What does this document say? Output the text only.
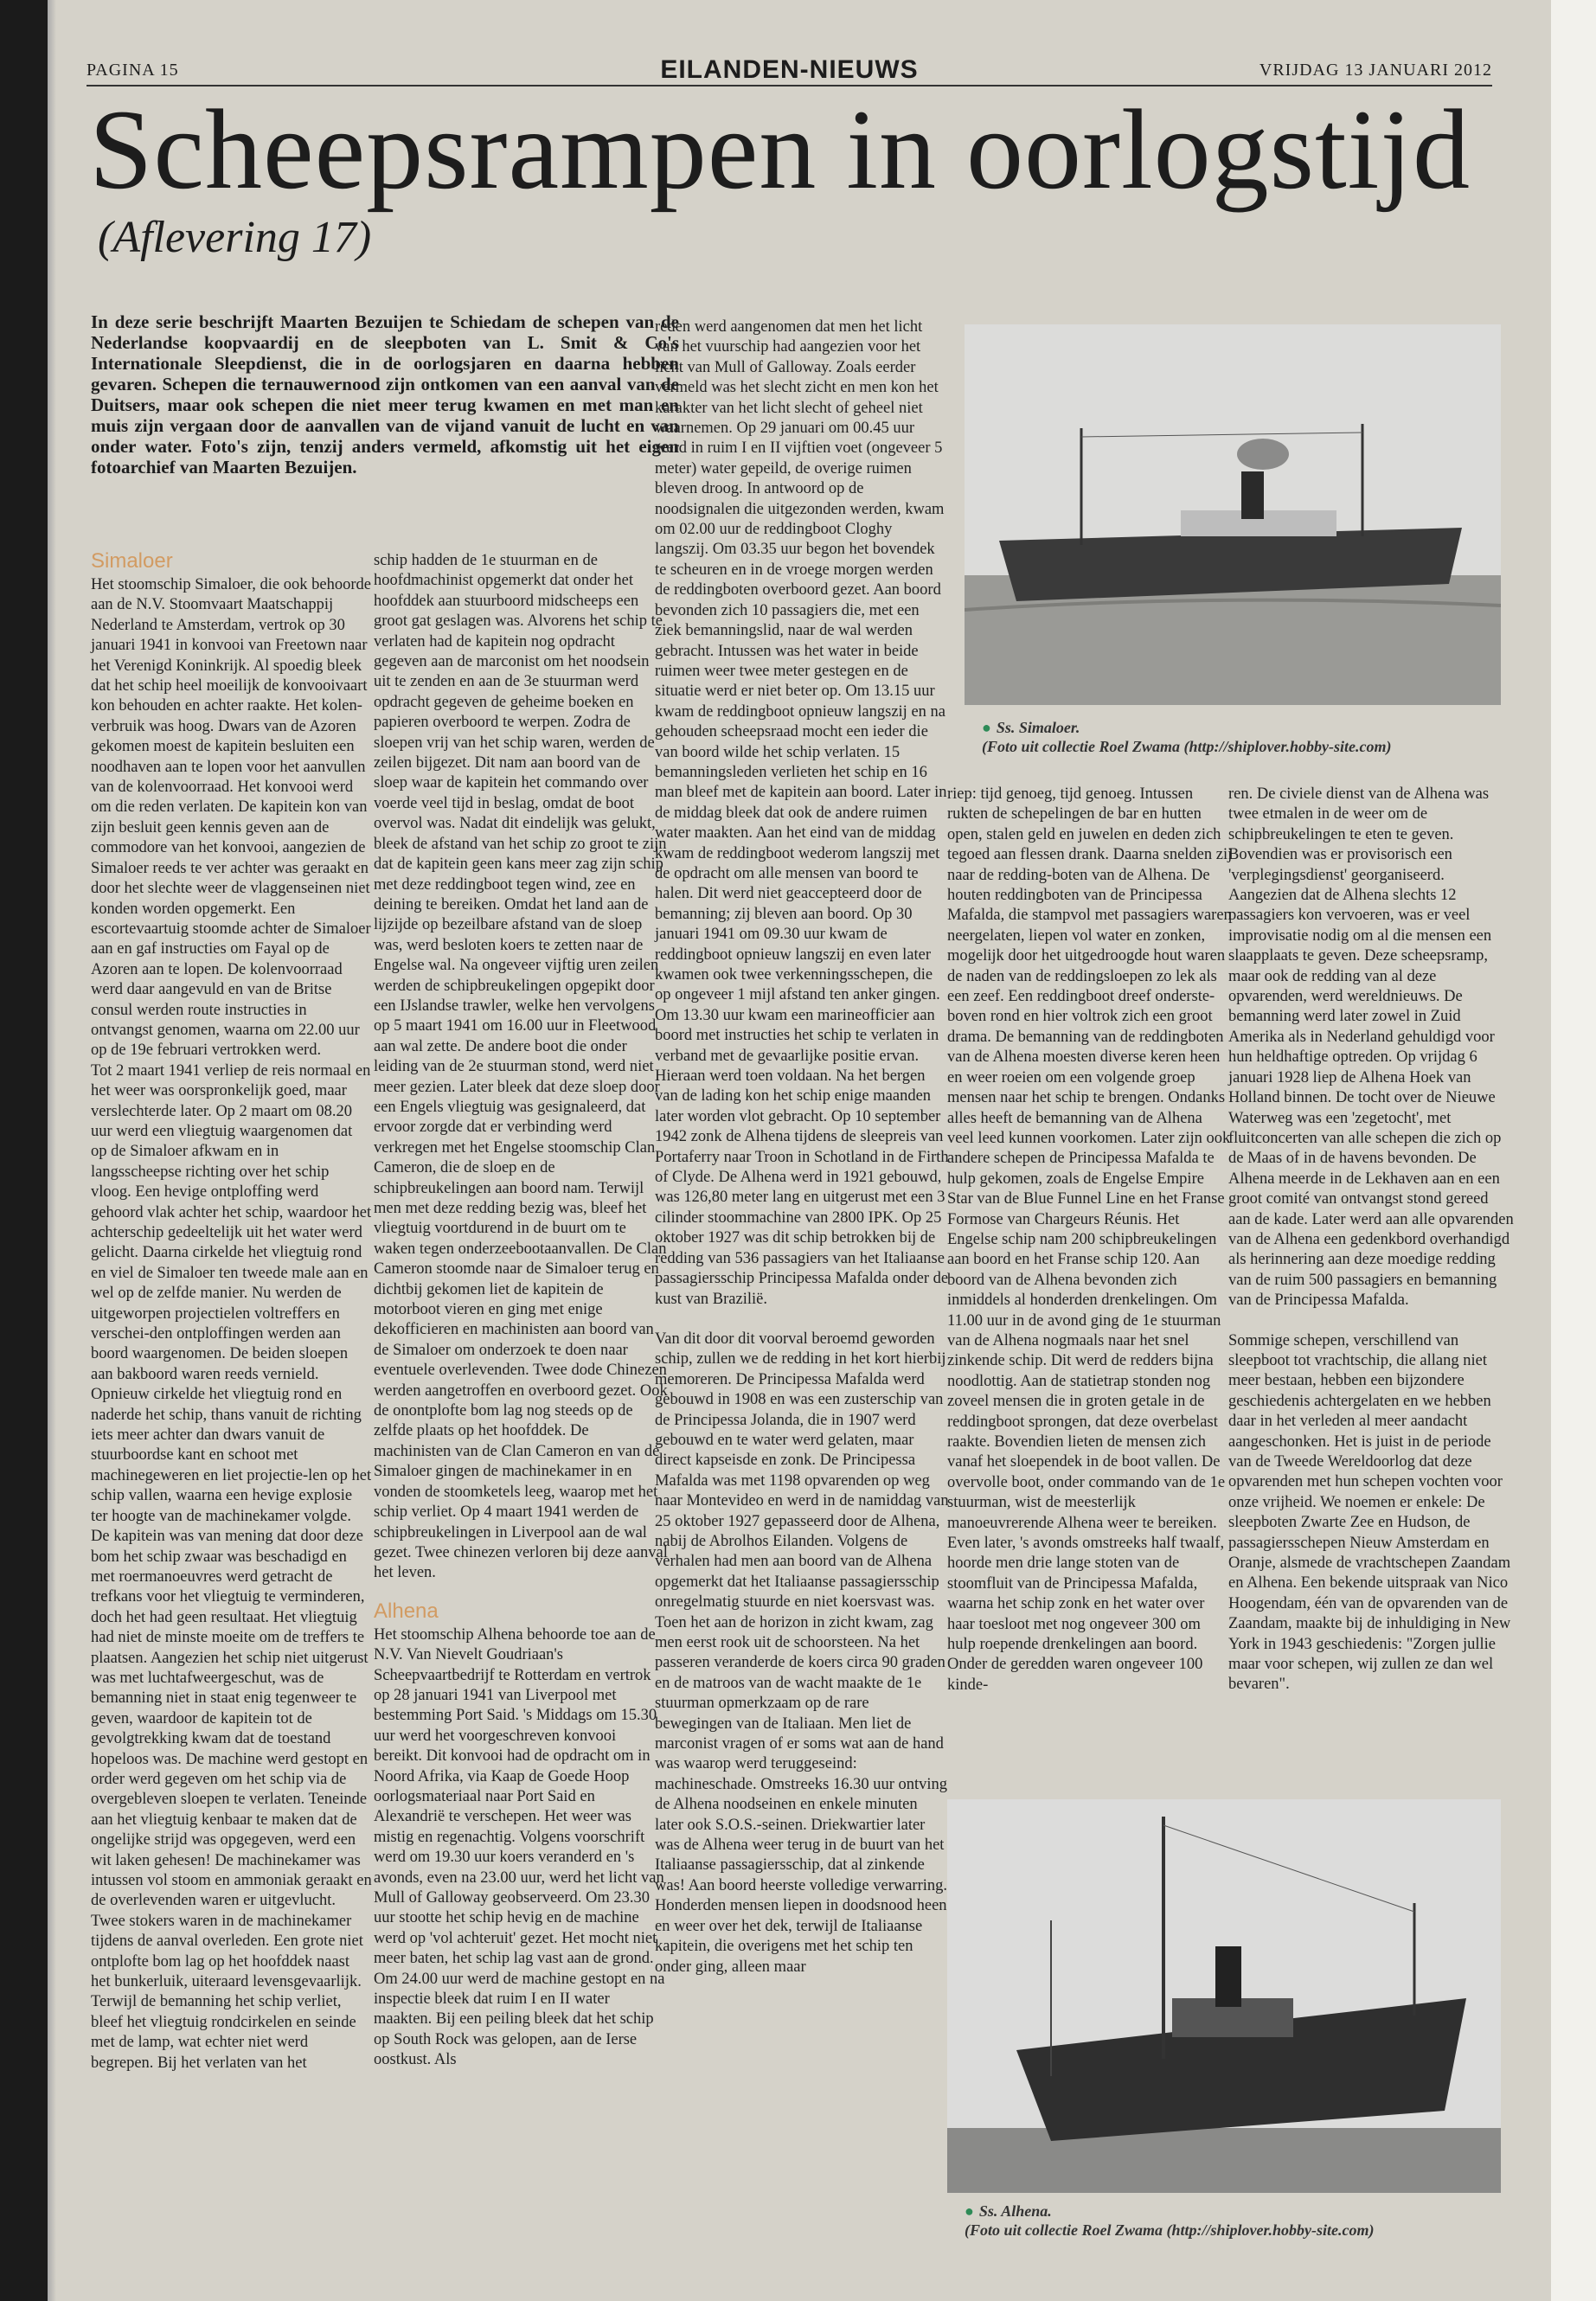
PAGINA 15	EILANDEN-NIEUWS	VRIJDAG 13 JANUARI 2012
Scheepsrampen in oorlogstijd
(Aflevering 17)
In deze serie beschrijft Maarten Bezuijen te Schiedam de schepen van de Nederlandse koopvaardij en de sleepboten van L. Smit & Co's Internationale Sleepdienst, die in de oorlogsjaren en daarna hebben gevaren. Schepen die ternauwernood zijn ontkomen van een aanval van de Duitsers, maar ook schepen die niet meer terug kwamen en met man en muis zijn vergaan door de aanvallen van de vijand vanuit de lucht en van onder water. Foto's zijn, tenzij anders vermeld, afkomstig uit het eigen fotoarchief van Maarten Bezuijen.
Simaloer

Het stoomschip Simaloer, die ook behoorde aan de N.V. Stoomvaart Maatschappij Nederland te Amsterdam, vertrok op 30 januari 1941 in konvooi van Freetown naar het Verenigd Koninkrijk. Al spoedig bleek dat het schip heel moeilijk de konvooivaart kon behouden en achter raakte. Het kolen- verbruik was hoog. Dwars van de Azoren gekomen moest de kapitein besluiten een noodhaven aan te lopen voor het aanvullen van de kolenvoorraad. Het konvooi werd om die reden verlaten. De kapitein kon van zijn besluit geen kennis geven aan de commodore van het konvooi, aangezien de Simaloer reeds te ver achter was geraakt en door het slechte weer de vlaggenseinen niet konden worden opgemerkt. Een escortevaartuig stoomde achter de Simaloer aan en gaf instructies om Fayal op de Azoren aan te lopen. De kolenvoorraad werd daar aangevuld en van de Britse consul werden route instructies in ontvangst genomen, waarna om 22.00 uur op de 19e februari vertrokken werd.

Tot 2 maart 1941 verliep de reis normaal en het weer was oorspronkelijk goed, maar verslechterde later. Op 2 maart om 08.20 uur werd een vliegtuig waargenomen dat op de Simaloer afkwam en in langsscheepse richting over het schip vloog. Een hevige ontploffing werd gehoord vlak achter het schip, waardoor het achterschip gedeeltelijk uit het water werd gelicht. Daarna cirkelde het vliegtuig rond en viel de Simaloer ten tweede male aan en wel op de zelfde manier. Nu werden de uitgeworpen projectielen voltreffers en verschei-den ontploffingen werden aan boord waargenomen. De beiden sloepen aan bakboord waren reeds vernield. Opnieuw cirkelde het vliegtuig rond en naderde het schip, thans vanuit de richting iets meer achter dan dwars vanuit de stuurboordse kant en schoot met machinegeweren en liet projectie-len op het schip vallen, waarna een hevige explosie ter hoogte van de machinekamer volgde. De kapitein was van mening dat door deze bom het schip zwaar was beschadigd en met roermanoeuvres werd getracht de trefkans voor het vliegtuig te verminderen, doch het had geen resultaat. Het vliegtuig had niet de minste moeite om de treffers te plaatsen. Aangezien het schip niet uitgerust was met luchtafweergeschut, was de bemanning niet in staat enig tegenweer te geven, waardoor de kapitein tot de gevolgtrekking kwam dat de toestand hopeloos was. De machine werd gestopt en order werd gegeven om het schip via de overgebleven sloepen te verlaten. Teneinde aan het vliegtuig kenbaar te maken dat de ongelijke strijd was opgegeven, werd een wit laken gehesen! De machinekamer was intussen vol stoom en ammoniak geraakt en de overlevenden waren er uitgevlucht. Twee stokers waren in de machinekamer tijdens de aanval overleden. Een grote niet ontplofte bom lag op het hoofddek naast het bunkerluik, uiteraard levensgevaarlijk. Terwijl de bemanning het schip verliet, bleef het vliegtuig rondcirkelen en seinde met de lamp, wat echter niet werd begrepen. Bij het verlaten van het

schip hadden de 1e stuurman en de hoofdmachinist opgemerkt dat onder het hoofddek aan stuurboord midscheeps een groot gat geslagen was. Alvorens het schip te verlaten had de kapitein nog opdracht gegeven aan de marconist om het noodsein uit te zenden en aan de 3e stuurman werd opdracht gegeven de geheime boeken en papieren overboord te werpen. Zodra de sloepen vrij van het schip waren, werden de zeilen bijgezet. Dit nam aan boord van de sloep waar de kapitein het commando over voerde veel tijd in beslag, omdat de boot overvol was. Nadat dit eindelijk was gelukt, bleek de afstand van het schip zo groot te zijn dat de kapitein geen kans meer zag zijn schip met deze reddingboot tegen wind, zee en deining te bereiken. Omdat het land aan de lijzijde op bezeilbare afstand van de sloep was, werd besloten koers te zetten naar de Engelse wal. Na ongeveer vijftig uren zeilen werden de schipbreukelingen opgepikt door een IJslandse trawler, welke hen vervolgens op 5 maart 1941 om 16.00 uur in Fleetwood aan wal zette. De andere boot die onder leiding van de 2e stuurman stond, werd niet meer gezien. Later bleek dat deze sloep door een Engels vliegtuig was gesignaleerd, dat ervoor zorgde dat er verbinding werd verkregen met het Engelse stoomschip Clan Cameron, die de sloep en de schipbreukelingen aan boord nam. Terwijl men met deze redding bezig was, bleef het vliegtuig voortdurend in de buurt om te waken tegen onderzeebootaanvallen. De Clan Cameron stoomde naar de Simaloer terug en dichtbij gekomen liet de kapitein de motorboot vieren en ging met enige dekofficieren en machinisten aan boord van de Simaloer om onderzoek te doen naar eventuele overlevenden. Twee dode Chinezen werden aangetroffen en overboord gezet. Ook de onontplofte bom lag nog steeds op de zelfde plaats op het hoofddek. De machinisten van de Clan Cameron en van de Simaloer gingen de machinekamer in en vonden de stoomketels leeg, waarop met het schip verliet. Op 4 maart 1941 werden de schipbreukelingen in Liverpool aan de wal gezet. Twee chinezen verloren bij deze aanval het leven.

Alhena

Het stoomschip Alhena behoorde toe aan de N.V. Van Nievelt Goudriaan's Scheepvaartbedrijf te Rotterdam en vertrok op 28 januari 1941 van Liverpool met bestemming Port Said. 's Middags om 15.30 uur werd het voorgeschreven konvooi bereikt. Dit konvooi had de opdracht om in Noord Afrika, via Kaap de Goede Hoop oorlogsmateriaal naar Port Said en Alexandrië te verschepen. Het weer was mistig en regenachtig. Volgens voorschrift werd om 19.30 uur koers veranderd en 's avonds, even na 23.00 uur, werd het licht van Mull of Galloway geobserveerd. Om 23.30 uur stootte het schip hevig en de machine werd op 'vol achteruit' gezet. Het mocht niet meer baten, het schip lag vast aan de grond. Om 24.00 uur werd de machine gestopt en na inspectie bleek dat ruim I en II water maakten. Bij een peiling bleek dat het schip op South Rock was gelopen, aan de Ierse oostkust. Als

reden werd aangenomen dat men het licht van het vuurschip had aangezien voor het licht van Mull of Galloway. Zoals eerder vermeld was het slecht zicht en men kon het karakter van het licht slecht of geheel niet waarnemen. Op 29 januari om 00.45 uur werd in ruim I en II vijftien voet (ongeveer 5 meter) water gepeild, de overige ruimen bleven droog. In antwoord op de noodsignalen die uitgezonden werden, kwam om 02.00 uur de reddingboot Cloghy langszij. Om 03.35 uur begon het bovendek te scheuren en in de vroege morgen werden de reddingboten overboord gezet. Aan boord bevonden zich 10 passagiers die, met een ziek bemanningslid, naar de wal werden gebracht. Intussen was het water in beide ruimen weer twee meter gestegen en de situatie werd er niet beter op. Om 13.15 uur kwam de reddingboot opnieuw langszij en na gehouden scheepsraad mocht een ieder die van boord wilde het schip verlaten. 15 bemanningsleden verlieten het schip en 16 man bleef met de kapitein aan boord. Later in de middag bleek dat ook de andere ruimen water maakten. Aan het eind van de middag kwam de reddingboot wederom langszij met de opdracht om alle mensen van boord te halen. Dit werd niet geaccepteerd door de bemanning; zij bleven aan boord. Op 30 januari 1941 om 09.30 uur kwam de reddingboot opnieuw langszij en even later kwamen ook twee verkenningsschepen, die op ongeveer 1 mijl afstand ten anker gingen. Om 13.30 uur kwam een marineofficier aan boord met instructies het schip te verlaten in verband met de gevaarlijke positie ervan. Hieraan werd toen voldaan. Na het bergen van de lading kon het schip enige maanden later worden vlot gebracht. Op 10 september 1942 zonk de Alhena tijdens de sleepreis van Portaferry naar Troon in Schotland in de Firth of Clyde. De Alhena werd in 1921 gebouwd, was 126,80 meter lang en uitgerust met een 3 cilinder stoommachine van 2800 IPK. Op 25 oktober 1927 was dit schip betrokken bij de redding van 536 passagiers van het Italiaanse passagiersschip Principessa Mafalda onder de kust van Brazilië.

Van dit door dit voorval beroemd geworden schip, zullen we de redding in het kort hierbij memoreren. De Principessa Mafalda werd gebouwd in 1908 en was een zusterschip van de Principessa Jolanda, die in 1907 werd gebouwd en te water werd gelaten, maar direct kapseisde en zonk. De Principessa Mafalda was met 1198 opvarenden op weg naar Montevideo en werd in de namiddag van 25 oktober 1927 gepasseerd door de Alhena, nabij de Abrolhos Eilanden. Volgens de verhalen had men aan boord van de Alhena opgemerkt dat het Italiaanse passagiersschip onregelmatig stuurde en niet koersvast was. Toen het aan de horizon in zicht kwam, zag men eerst rook uit de schoorsteen. Na het passeren veranderde de koers circa 90 graden en de matroos van de wacht maakte de 1e stuurman opmerkzaam op de rare bewegingen van de Italiaan. Men liet de marconist vragen of er soms wat aan de hand was waarop werd teruggeseind: machineschade. Omstreeks 16.30 uur ontving de Alhena noodseinen en enkele minuten later ook S.O.S.-seinen. Driekwartier later was de Alhena weer terug in de buurt van het Italiaanse passagiersschip, dat al zinkende was! Aan boord heerste volledige verwarring. Honderden mensen liepen in doodsnood heen en weer over het dek, terwijl de Italiaanse kapitein, die overigens met het schip ten onder ging, alleen maar

● Ss. Simaloer.
(Foto uit collectie Roel Zwama (http://shiplover.hobby-site.com)

riep: tijd genoeg, tijd genoeg. Intussen rukten de schepelingen de bar en hutten open, stalen geld en juwelen en deden zich tegoed aan flessen drank. Daarna snelden zij naar de redding-boten van de Alhena. De houten reddingboten van de Principessa Mafalda, die stampvol met passagiers waren neergelaten, liepen vol water en zonken, mogelijk door het uitgedroogde hout waren de naden van de reddingsloepen zo lek als een zeef. Een reddingboot dreef onderste-boven rond en hier voltrok zich een groot drama. De bemanning van de reddingboten van de Alhena moesten diverse keren heen en weer roeien om een volgende groep mensen naar het schip te brengen. Ondanks alles heeft de bemanning van de Alhena veel leed kunnen voorkomen. Later zijn ook andere schepen de Principessa Mafalda te hulp gekomen, zoals de Engelse Empire Star van de Blue Funnel Line en het Franse Formose van Chargeurs Réunis. Het Engelse schip nam 200 schipbreukelingen aan boord en het Franse schip 120. Aan boord van de Alhena bevonden zich inmiddels al honderden drenkelingen. Om 11.00 uur in de avond ging de 1e stuurman van de Alhena nogmaals naar het snel zinkende schip. Dit werd de redders bijna noodlottig. Aan de statietrap stonden nog zoveel mensen die in groten getale in de reddingboot sprongen, dat deze overbelast raakte. Bovendien lieten de mensen zich vanaf het sloependek in de boot vallen. De overvolle boot, onder commando van de 1e stuurman, wist de meesterlijk manoeuvrerende Alhena weer te bereiken. Even later, 's avonds omstreeks half twaalf, hoorde men drie lange stoten van de stoomfluit van de Principessa Mafalda, waarna het schip zonk en het water over haar toesloot met nog ongeveer 300 om hulp roepende drenkelingen aan boord. Onder de geredden waren ongeveer 100 kinde-

ren. De civiele dienst van de Alhena was twee etmalen in de weer om de schipbreukelingen te eten te geven. Bovendien was er provisorisch een 'verplegingsdienst' georganiseerd. Aangezien dat de Alhena slechts 12 passagiers kon vervoeren, was er veel improvisatie nodig om al die mensen een slaapplaats te geven. Deze scheepsramp, maar ook de redding van al deze opvarenden, werd wereldnieuws. De bemanning werd later zowel in Zuid Amerika als in Nederland gehuldigd voor hun heldhaftige optreden. Op vrijdag 6 januari 1928 liep de Alhena Hoek van Holland binnen. De tocht over de Nieuwe Waterweg was een 'zegetocht', met fluitconcerten van alle schepen die zich op de Maas of in de havens bevonden. De Alhena meerde in de Lekhaven aan en een groot comité van ontvangst stond gereed aan de kade. Later werd aan alle opvarenden van de Alhena een gedenkbord overhandigd als herinnering aan deze moedige redding van de ruim 500 passagiers en bemanning van de Principessa Mafalda.

Sommige schepen, verschillend van sleepboot tot vrachtschip, die allang niet meer bestaan, hebben een bijzondere geschiedenis achtergelaten en we hebben daar in het verleden al meer aandacht aangeschonken. Het is juist in de periode van de Tweede Wereldoorlog dat deze opvarenden met hun schepen vochten voor onze vrijheid. We noemen er enkele: De sleepboten Zwarte Zee en Hudson, de passagiersschepen Nieuw Amsterdam en Oranje, alsmede de vrachtschepen Zaandam en Alhena. Een bekende uitspraak van Nico Hoogendam, één van de opvarenden van de Zaandam, maakte bij de inhuldiging in New York in 1943 geschiedenis: "Zorgen jullie maar voor schepen, wij zullen ze dan wel bevaren".

● Ss. Alhena.
(Foto uit collectie Roel Zwama (http://shiplover.hobby-site.com)
